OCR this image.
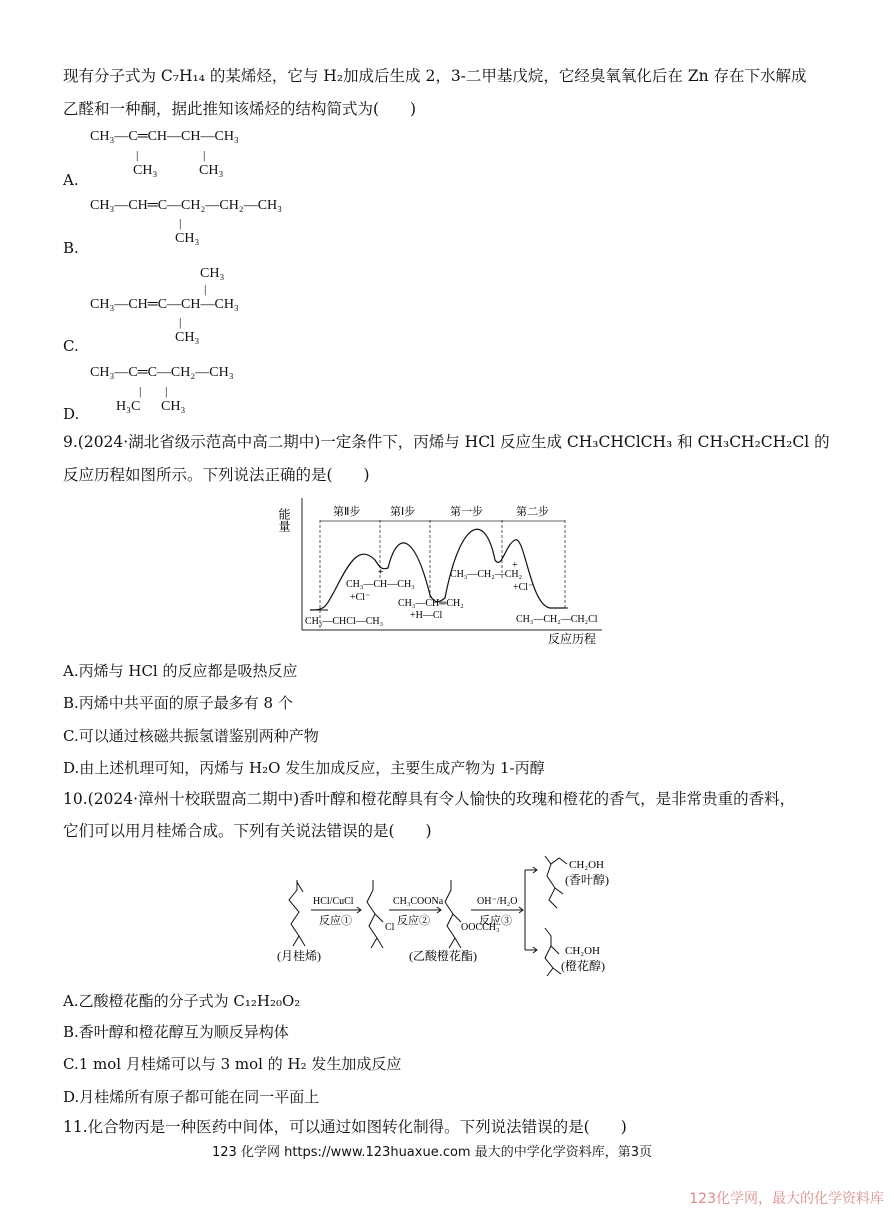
现有分子式为 C₇H₁₄ 的某烯烃，它与 H₂加成后生成 2，3-二甲基戊烷，它经臭氧氧化后在 Zn 存在下水解成
乙醛和一种酮，据此推知该烯烃的结构简式为(　　)
CH₃—C═CH—CH—CH₃
|	|
CH₃	CH₃
A.
CH₃—CH═C—CH₂—CH₂—CH₃
|
CH₃
B.
CH₃
|
CH₃—CH═C—CH—CH₃
|
CH₃
C.
CH₃—C═C—CH₂—CH₃
| |
H₃C CH₃
D.
9.(2024·湖北省级示范高中高二期中)一定条件下，丙烯与 HCl 反应生成 CH₃CHClCH₃ 和 CH₃CH₂CH₂Cl 的
反应历程如图所示。下列说法正确的是(　　)
能量
反应历程
第Ⅱ步	第Ⅰ步	第一步	第二步
CH₃—CHCl—CH₃
CH₃—CH—CH₃
+Cl⁻
CH₃—CH═CH₂
+H—Cl
CH₃—CH₂—CH₂
+Cl⁻
CH₃—CH₂—CH₂Cl
+
+
A.丙烯与 HCl 的反应都是吸热反应
B.丙烯中共平面的原子最多有 8 个
C.可以通过核磁共振氢谱鉴别两种产物
D.由上述机理可知，丙烯与 H₂O 发生加成反应，主要生成产物为 1-丙醇
10.(2024·漳州十校联盟高二期中)香叶醇和橙花醇具有令人愉快的玫瑰和橙花的香气，是非常贵重的香料，
它们可以用月桂烯合成。下列有关说法错误的是(　　)
HCl/CuCl
反应①
CH₃COONa
反应②
OH⁻/H₂O
反应③
Cl	OOCCH₃
(月桂烯)	(乙酸橙花酯)
CH₂OH
(香叶醇)
CH₂OH
(橙花醇)
A.乙酸橙花酯的分子式为 C₁₂H₂₀O₂
B.香叶醇和橙花醇互为顺反异构体
C.1 mol 月桂烯可以与 3 mol 的 H₂ 发生加成反应
D.月桂烯所有原子都可能在同一平面上
11.化合物丙是一种医药中间体，可以通过如图转化制得。下列说法错误的是(　　)
123 化学网 https://www.123huaxue.com 最大的中学化学资料库，第3页
123化学网，最大的化学资料库
